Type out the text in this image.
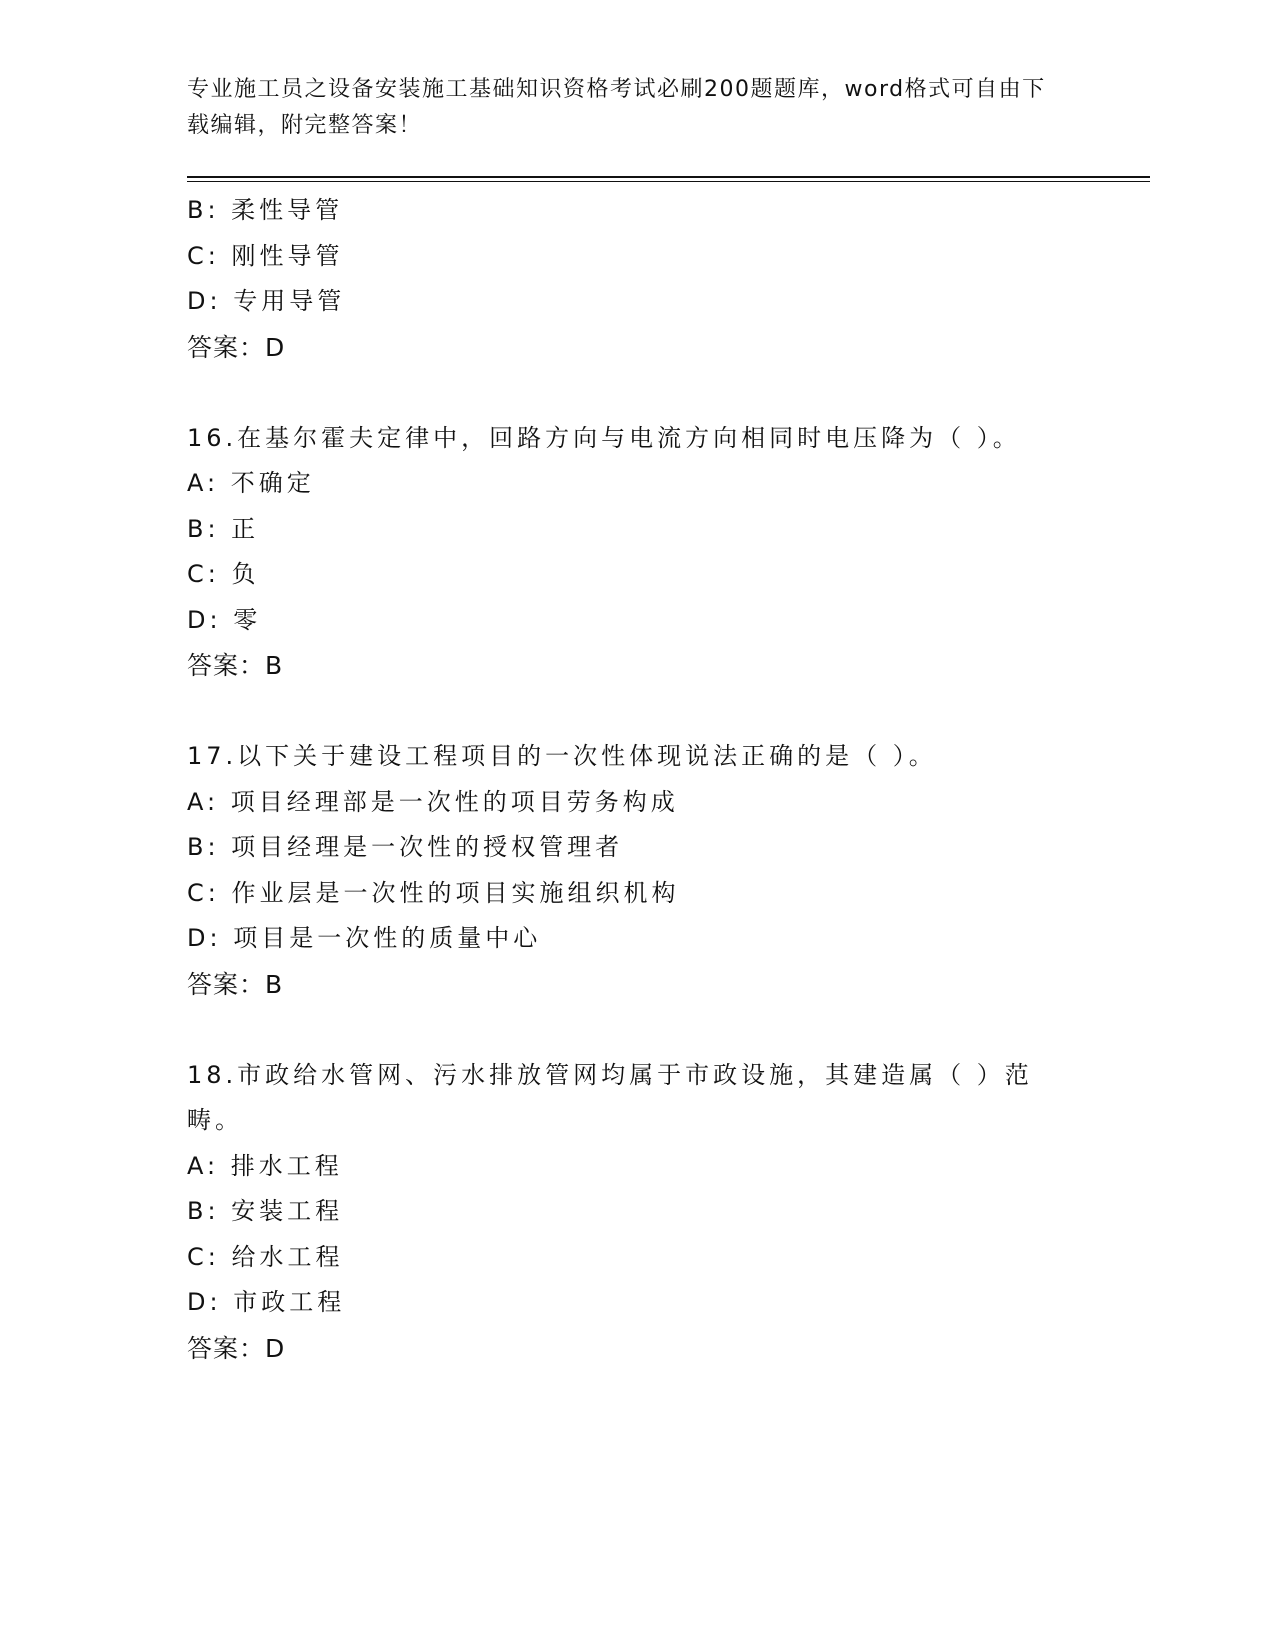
专业施工员之设备安装施工基础知识资格考试必刷200题题库，word格式可自由下载编辑，附完整答案！
B: 柔性导管
C: 刚性导管
D: 专用导管
答案：D
16.在基尔霍夫定律中，回路方向与电流方向相同时电压降为（ ）。
A: 不确定
B: 正
C: 负
D: 零
答案：B
17.以下关于建设工程项目的一次性体现说法正确的是（ ）。
A: 项目经理部是一次性的项目劳务构成
B: 项目经理是一次性的授权管理者
C: 作业层是一次性的项目实施组织机构
D: 项目是一次性的质量中心
答案：B
18.市政给水管网、污水排放管网均属于市政设施，其建造属（ ）范畴。
A: 排水工程
B: 安装工程
C: 给水工程
D: 市政工程
答案：D
